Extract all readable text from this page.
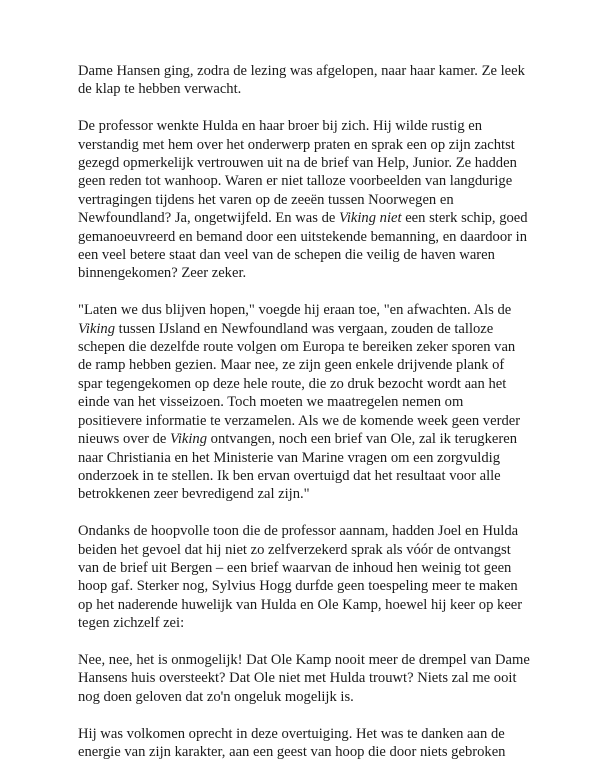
Dame Hansen ging, zodra de lezing was afgelopen, naar haar kamer. Ze leek de klap te hebben verwacht.

De professor wenkte Hulda en haar broer bij zich. Hij wilde rustig en verstandig met hem over het onderwerp praten en sprak een op zijn zachtst gezegd opmerkelijk vertrouwen uit na de brief van Help, Junior. Ze hadden geen reden tot wanhoop. Waren er niet talloze voorbeelden van langdurige vertragingen tijdens het varen op de zeeën tussen Noorwegen en Newfoundland? Ja, ongetwijfeld. En was de Viking niet een sterk schip, goed gemanoeuvreerd en bemand door een uitstekende bemanning, en daardoor in een veel betere staat dan veel van de schepen die veilig de haven waren binnengekomen? Zeer zeker.

"Laten we dus blijven hopen," voegde hij eraan toe, "en afwachten. Als de Viking tussen IJsland en Newfoundland was vergaan, zouden de talloze schepen die dezelfde route volgen om Europa te bereiken zeker sporen van de ramp hebben gezien. Maar nee, ze zijn geen enkele drijvende plank of spar tegengekomen op deze hele route, die zo druk bezocht wordt aan het einde van het visseizoen. Toch moeten we maatregelen nemen om positievere informatie te verzamelen. Als we de komende week geen verder nieuws over de Viking ontvangen, noch een brief van Ole, zal ik terugkeren naar Christiania en het Ministerie van Marine vragen om een zorgvuldig onderzoek in te stellen. Ik ben ervan overtuigd dat het resultaat voor alle betrokkenen zeer bevredigend zal zijn."

Ondanks de hoopvolle toon die de professor aannam, hadden Joel en Hulda beiden het gevoel dat hij niet zo zelfverzekerd sprak als vóór de ontvangst van de brief uit Bergen – een brief waarvan de inhoud hen weinig tot geen hoop gaf. Sterker nog, Sylvius Hogg durfde geen toespeling meer te maken op het naderende huwelijk van Hulda en Ole Kamp, hoewel hij keer op keer tegen zichzelf zei:

Nee, nee, het is onmogelijk! Dat Ole Kamp nooit meer de drempel van Dame Hansens huis oversteekt? Dat Ole niet met Hulda trouwt? Niets zal me ooit nog doen geloven dat zo'n ongeluk mogelijk is.

Hij was volkomen oprecht in deze overtuiging. Het was te danken aan de energie van zijn karakter, aan een geest van hoop die door niets gebroken
